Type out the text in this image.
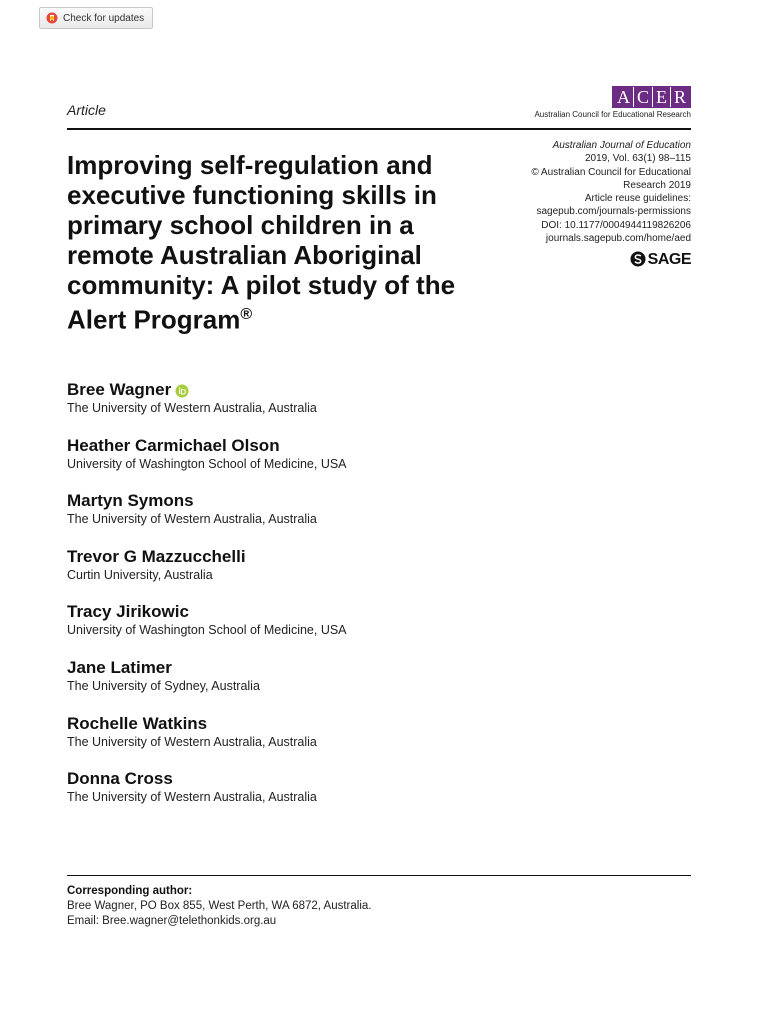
Check for updates
Article
A C E R
Australian Council for Educational Research
Improving self-regulation and executive functioning skills in primary school children in a remote Australian Aboriginal community: A pilot study of the Alert Program®
Australian Journal of Education
2019, Vol. 63(1) 98–115
© Australian Council for Educational Research 2019
Article reuse guidelines:
sagepub.com/journals-permissions
DOI: 10.1177/0004944119826206
journals.sagepub.com/home/aed
SAGE
Bree Wagner
The University of Western Australia, Australia
Heather Carmichael Olson
University of Washington School of Medicine, USA
Martyn Symons
The University of Western Australia, Australia
Trevor G Mazzucchelli
Curtin University, Australia
Tracy Jirikowic
University of Washington School of Medicine, USA
Jane Latimer
The University of Sydney, Australia
Rochelle Watkins
The University of Western Australia, Australia
Donna Cross
The University of Western Australia, Australia
Corresponding author:
Bree Wagner, PO Box 855, West Perth, WA 6872, Australia.
Email: Bree.wagner@telethonkids.org.au
